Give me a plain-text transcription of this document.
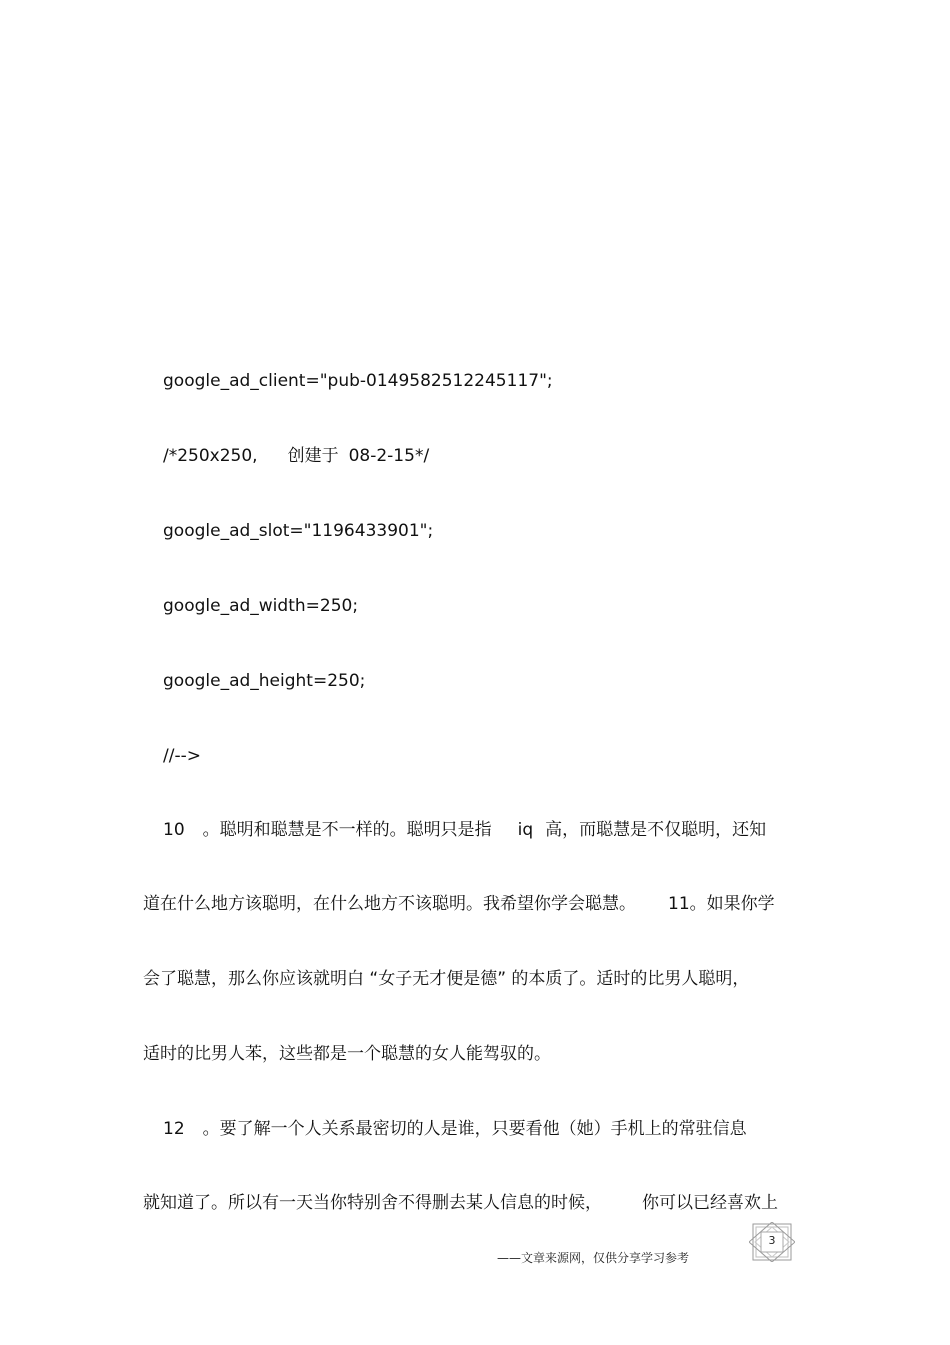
google_ad_client="pub-0149582512245117";
/*250x250, 创建于 08-2-15*/
google_ad_slot="1196433901";
google_ad_width=250;
google_ad_height=250;
//-->
10 。聪明和聪慧是不一样的。聪明只是指 iq 高，而聪慧是不仅聪明，还知
道在什么地方该聪明，在什么地方不该聪明。我希望你学会聪慧。 11。如果你学
会了聪慧，那么你应该就明白 “女子无才便是德” 的本质了。适时的比男人聪明，
适时的比男人苯，这些都是一个聪慧的女人能驾驭的。
12 。要了解一个人关系最密切的人是谁，只要看他（她）手机上的常驻信息
就知道了。所以有一天当你特别舍不得删去某人信息的时候， 你可以已经喜欢上
——文章来源网，仅供分享学习参考
3
